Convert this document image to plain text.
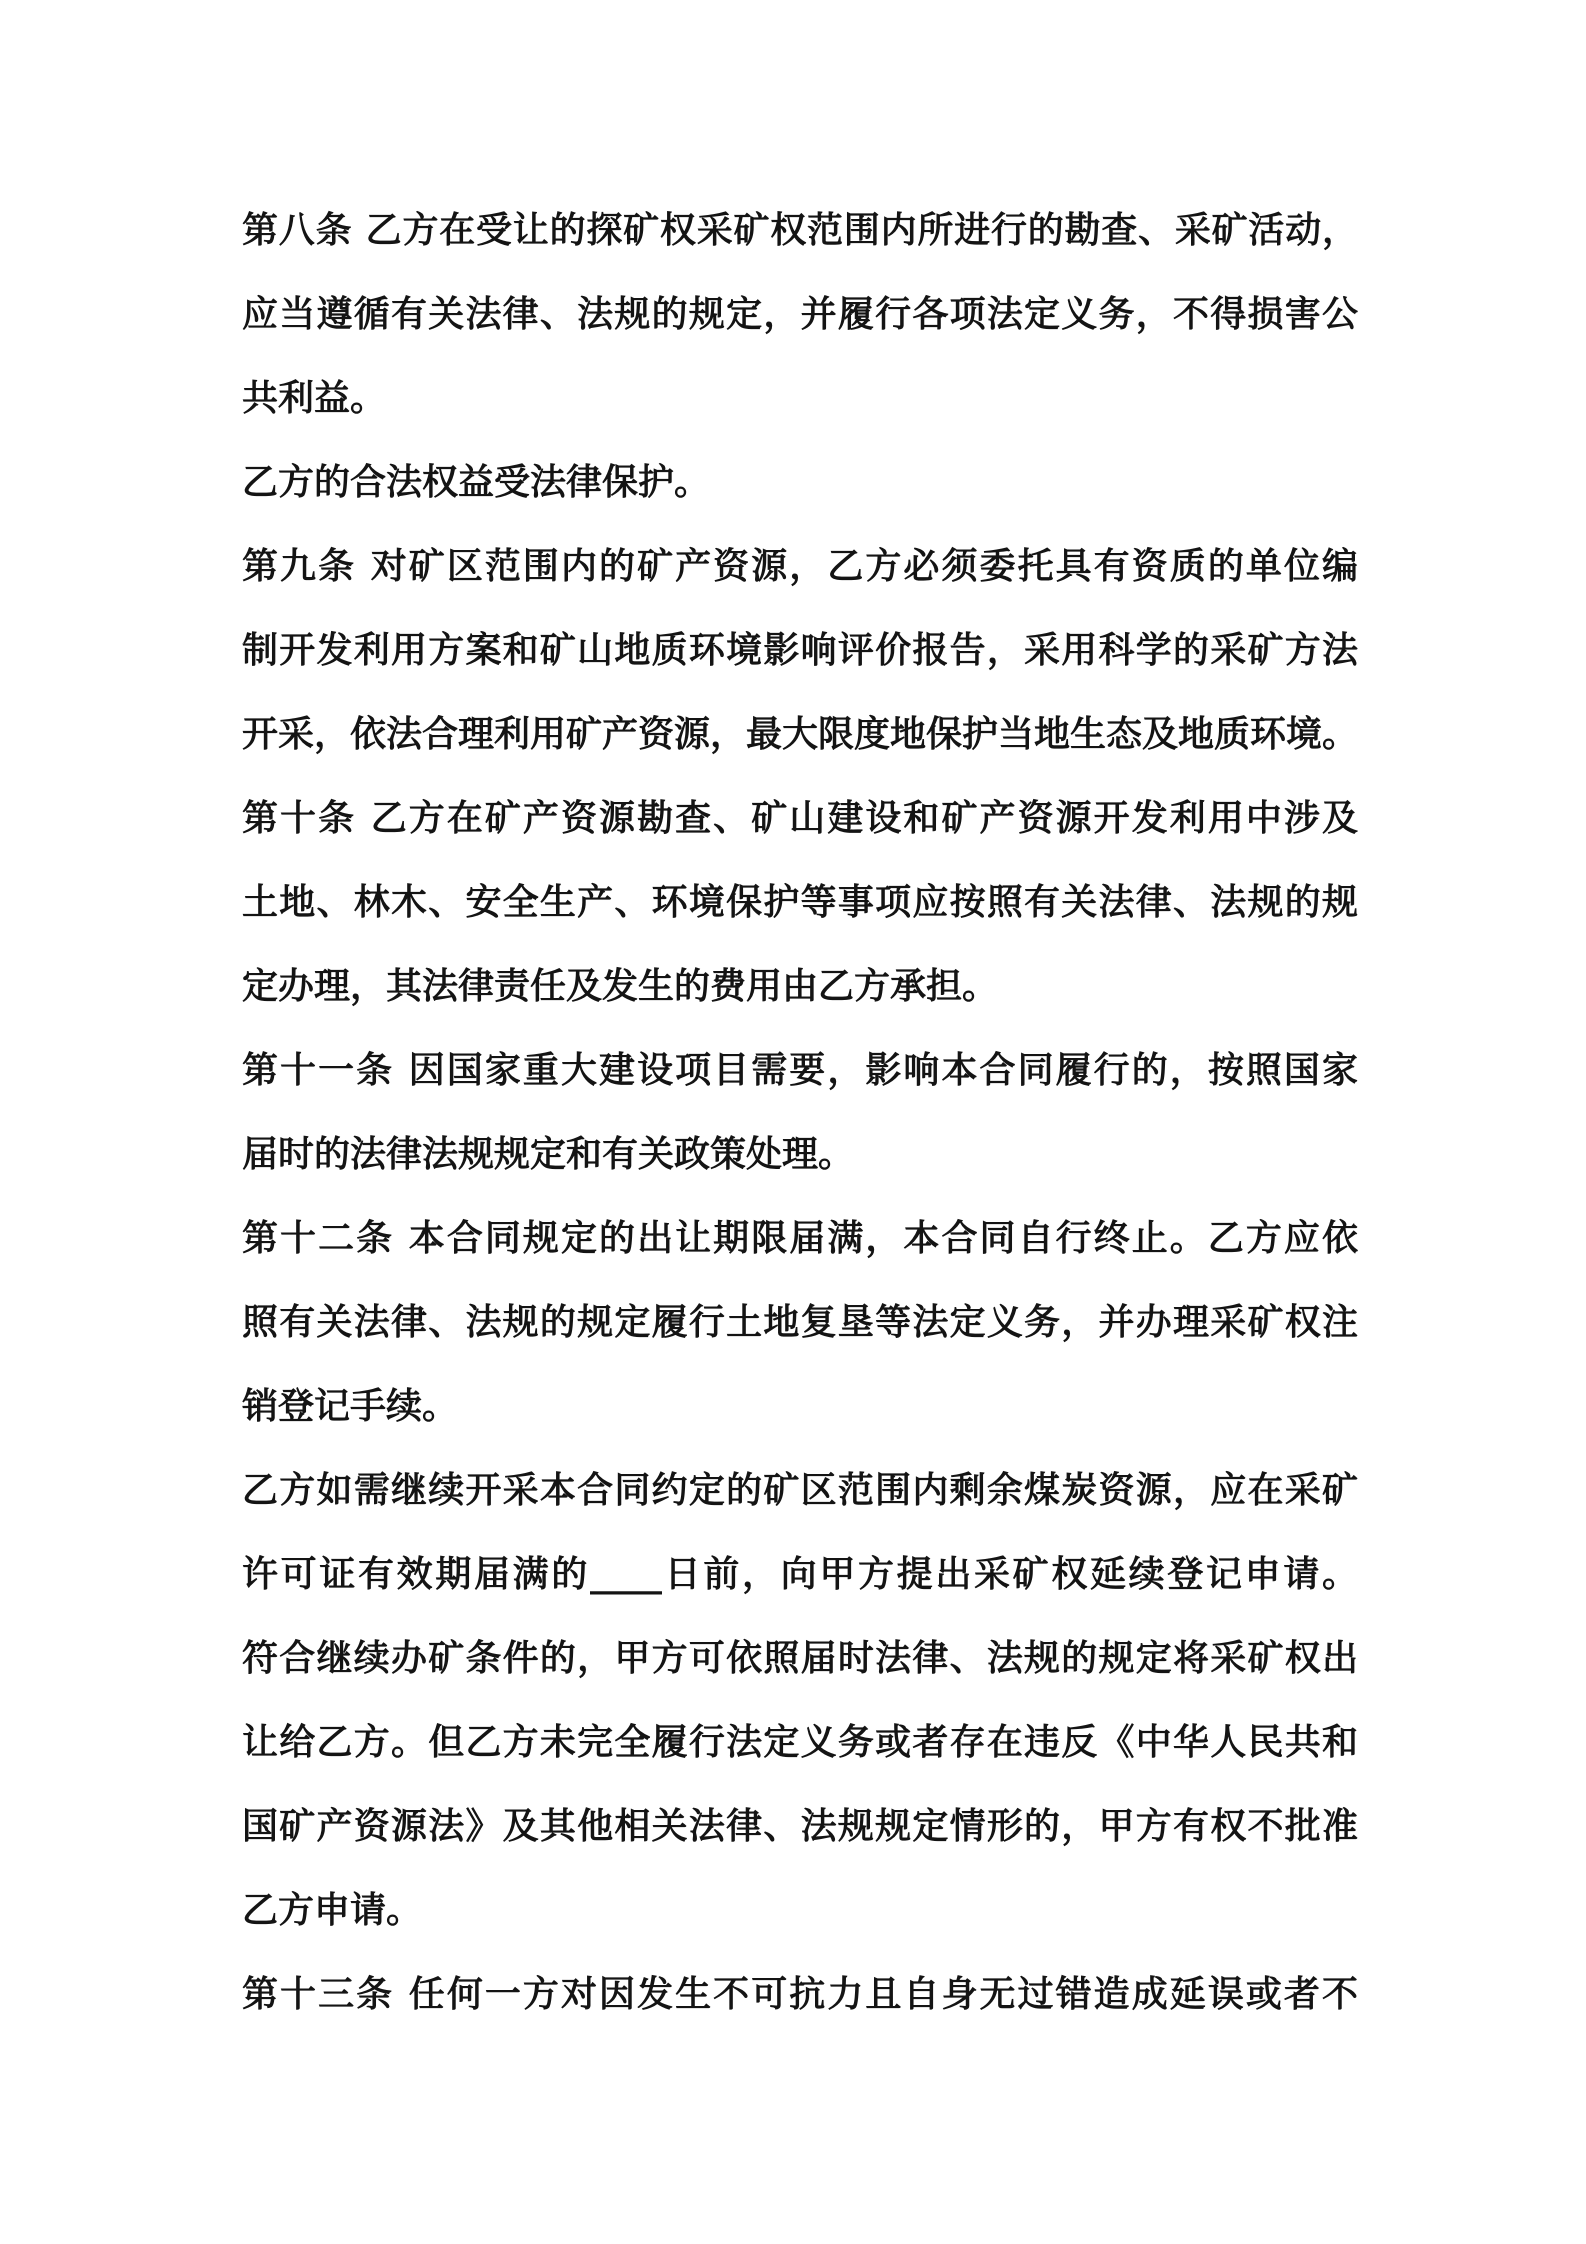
第八条 乙方在受让的探矿权采矿权范围内所进行的勘查、采矿活动，
应当遵循有关法律、法规的规定，并履行各项法定义务，不得损害公
共利益。
乙方的合法权益受法律保护。
第九条 对矿区范围内的矿产资源，乙方必须委托具有资质的单位编
制开发利用方案和矿山地质环境影响评价报告，采用科学的采矿方法
开采，依法合理利用矿产资源，最大限度地保护当地生态及地质环境。
第十条 乙方在矿产资源勘查、矿山建设和矿产资源开发利用中涉及
土地、林木、安全生产、环境保护等事项应按照有关法律、法规的规
定办理，其法律责任及发生的费用由乙方承担。
第十一条 因国家重大建设项目需要，影响本合同履行的，按照国家
届时的法律法规规定和有关政策处理。
第十二条 本合同规定的出让期限届满，本合同自行终止。乙方应依
照有关法律、法规的规定履行土地复垦等法定义务，并办理采矿权注
销登记手续。
乙方如需继续开采本合同约定的矿区范围内剩余煤炭资源，应在采矿
许可证有效期届满的____日前，向甲方提出采矿权延续登记申请。
符合继续办矿条件的，甲方可依照届时法律、法规的规定将采矿权出
让给乙方。但乙方未完全履行法定义务或者存在违反《中华人民共和
国矿产资源法》及其他相关法律、法规规定情形的，甲方有权不批准
乙方申请。
第十三条 任何一方对因发生不可抗力且自身无过错造成延误或者不
